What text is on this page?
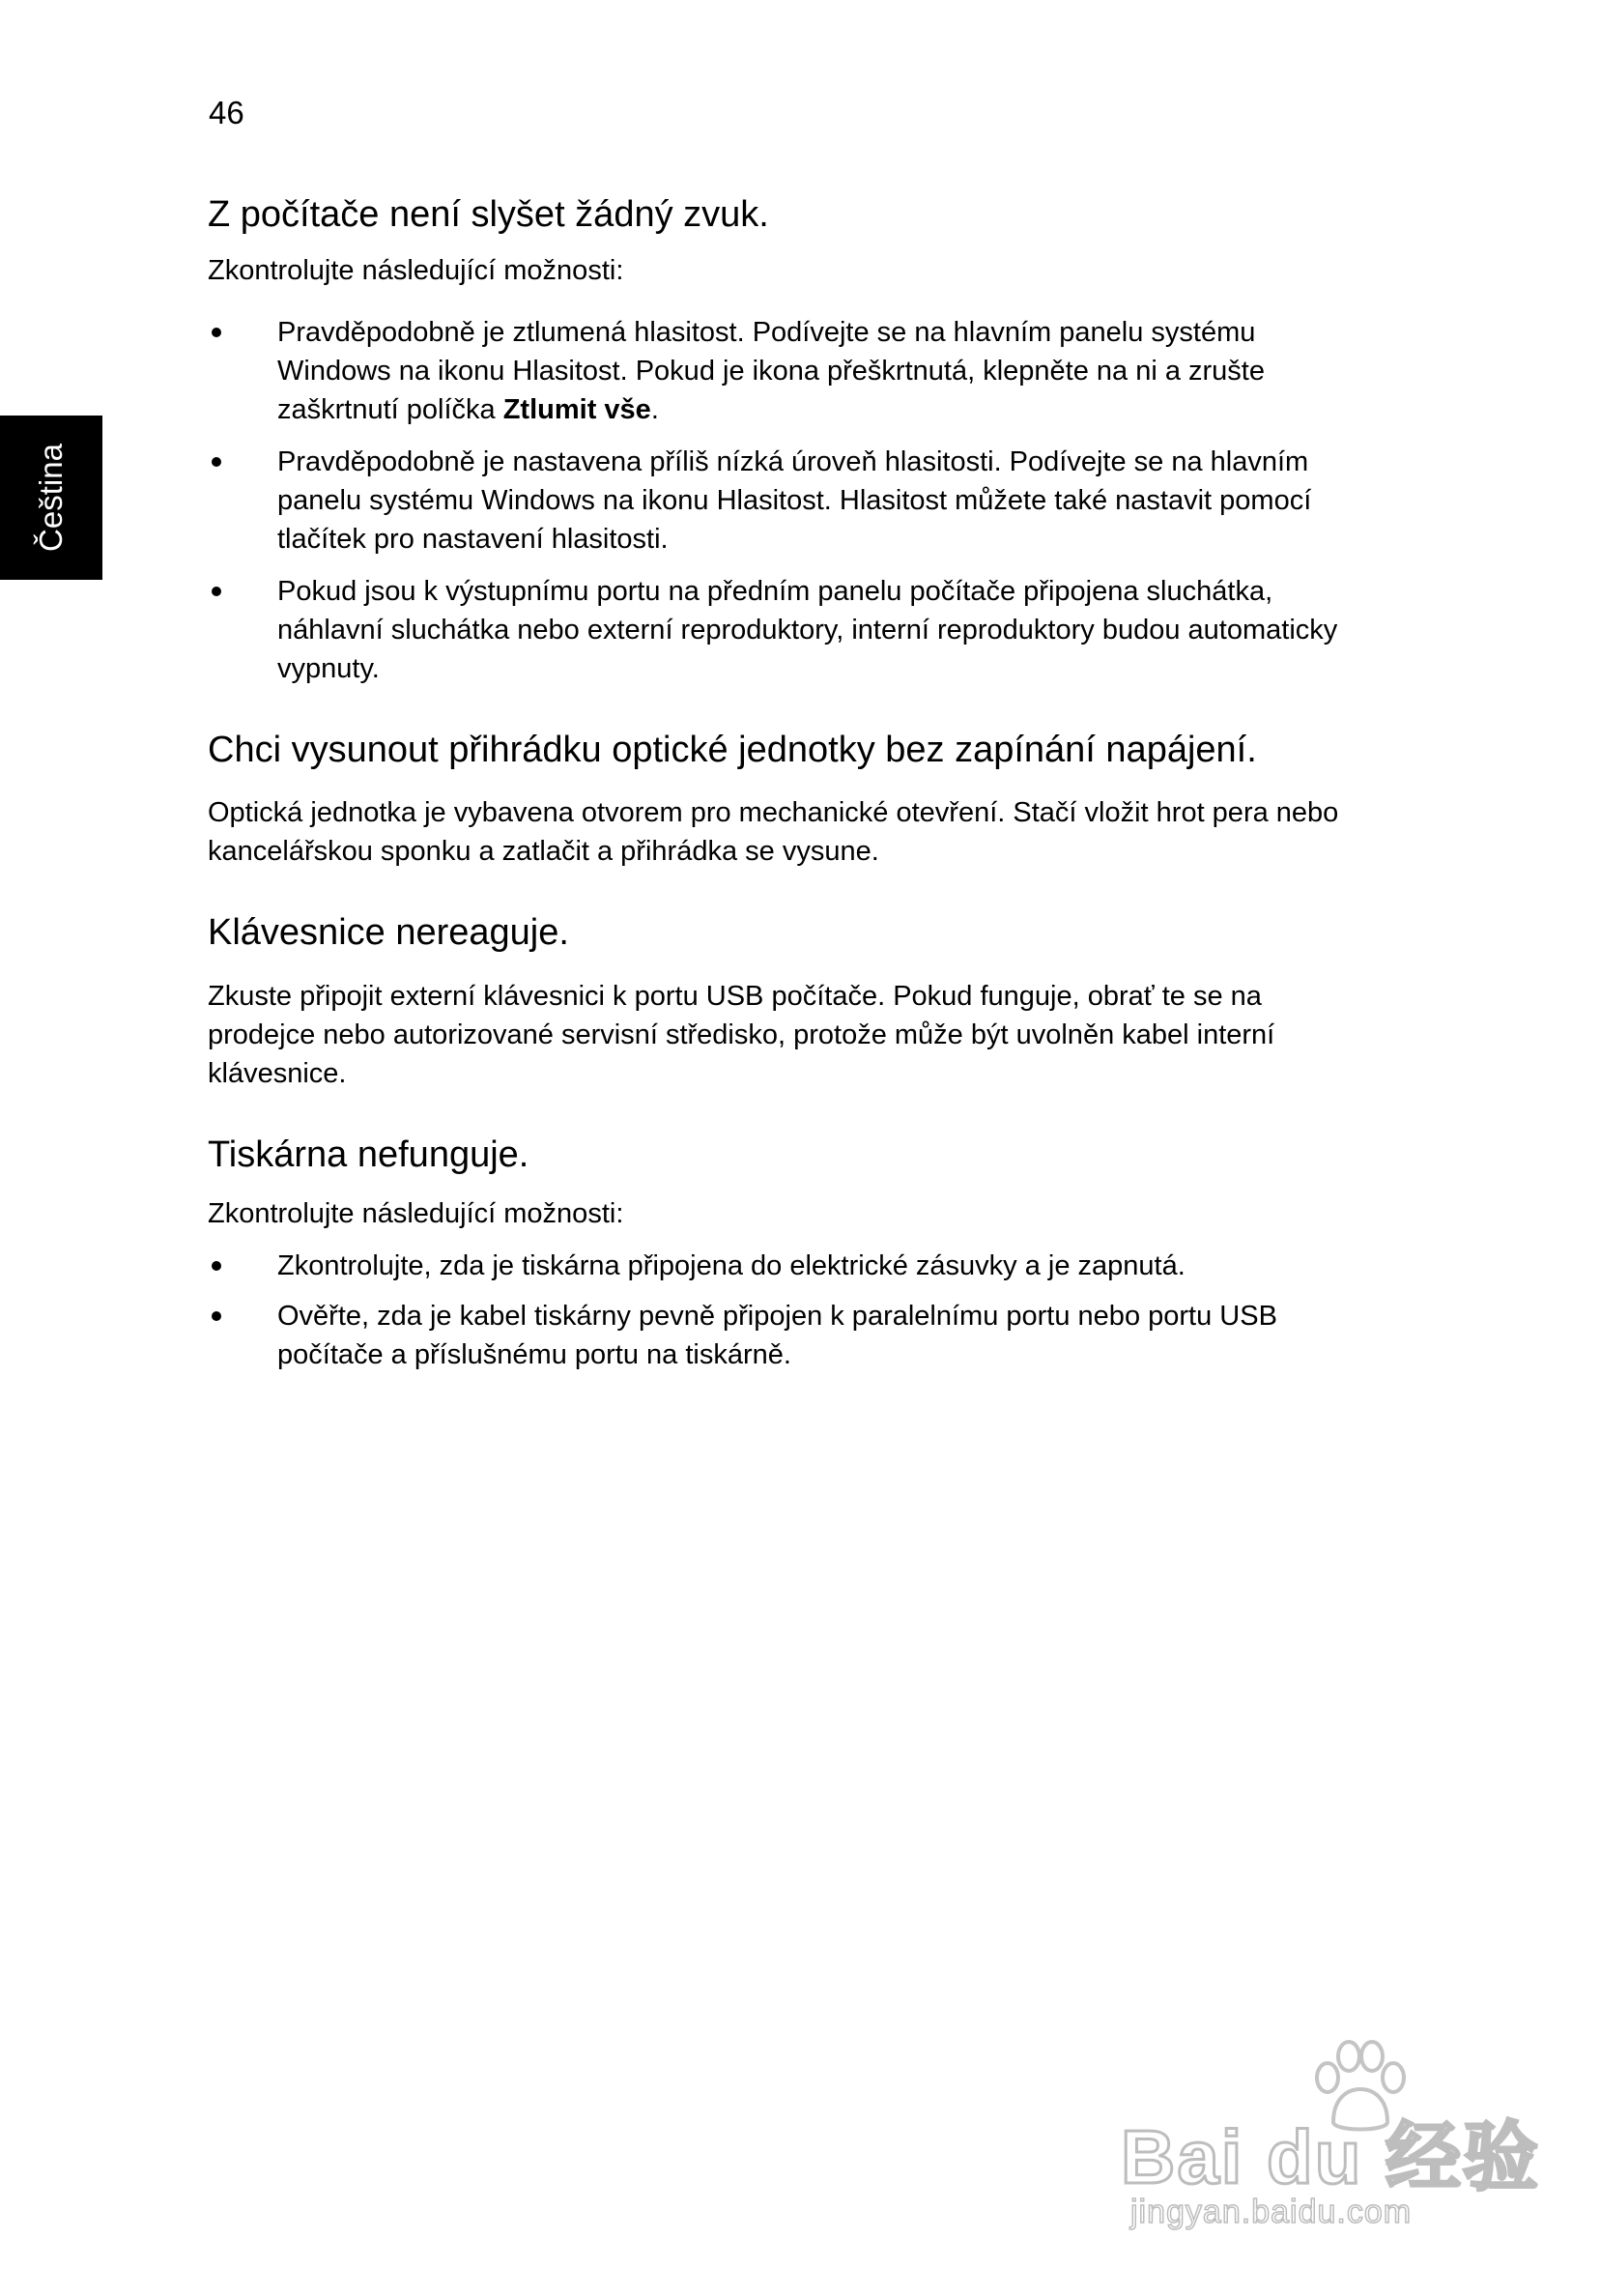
46
Čeština
Z počítače není slyšet žádný zvuk.

Zkontrolujte následující možnosti:

Pravděpodobně je ztlumená hlasitost. Podívejte se na hlavním panelu systému Windows na ikonu Hlasitost. Pokud je ikona přeškrtnutá, klepněte na ni a zrušte zaškrtnutí políčka Ztlumit vše.
Pravděpodobně je nastavena příliš nízká úroveň hlasitosti. Podívejte se na hlavním panelu systému Windows na ikonu Hlasitost. Hlasitost můžete také nastavit pomocí tlačítek pro nastavení hlasitosti.
Pokud jsou k výstupnímu portu na předním panelu počítače připojena sluchátka, náhlavní sluchátka nebo externí reproduktory, interní reproduktory budou automaticky vypnuty.
Chci vysunout přihrádku optické jednotky bez zapínání napájení.

Optická jednotka je vybavena otvorem pro mechanické otevření. Stačí vložit hrot pera nebo kancelářskou sponku a zatlačit a přihrádka se vysune.

Klávesnice nereaguje.

Zkuste připojit externí klávesnici k portu USB počítače. Pokud funguje, obrať te se na prodejce nebo autorizované servisní středisko, protože může být uvolněn kabel interní klávesnice.

Tiskárna nefunguje.

Zkontrolujte následující možnosti:

Zkontrolujte, zda je tiskárna připojena do elektrické zásuvky a je zapnutá.
Ověřte, zda je kabel tiskárny pevně připojen k paralelnímu portu nebo portu USB počítače a příslušnému portu na tiskárně.
Bai du 经验
jingyan.baidu.com
